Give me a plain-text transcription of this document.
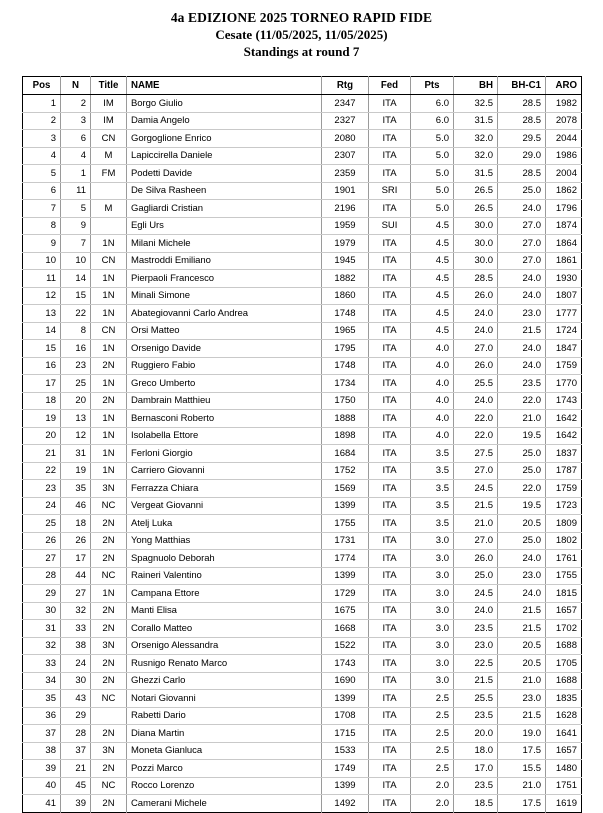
4a EDIZIONE 2025 TORNEO RAPID FIDE
Cesate (11/05/2025, 11/05/2025)
Standings at round 7
Pos	N	Title	NAME	Rtg	Fed	Pts	BH	BH-C1	ARO
1	2	IM	Borgo Giulio	2347	ITA	6.0	32.5	28.5	1982
2	3	IM	Damia Angelo	2327	ITA	6.0	31.5	28.5	2078
3	6	CN	Gorgoglione Enrico	2080	ITA	5.0	32.0	29.5	2044
4	4	M	Lapiccirella Daniele	2307	ITA	5.0	32.0	29.0	1986
5	1	FM	Podetti Davide	2359	ITA	5.0	31.5	28.5	2004
6	11		De Silva Rasheen	1901	SRI	5.0	26.5	25.0	1862
7	5	M	Gagliardi Cristian	2196	ITA	5.0	26.5	24.0	1796
8	9		Egli Urs	1959	SUI	4.5	30.0	27.0	1874
9	7	1N	Milani Michele	1979	ITA	4.5	30.0	27.0	1864
10	10	CN	Mastroddi Emiliano	1945	ITA	4.5	30.0	27.0	1861
11	14	1N	Pierpaoli Francesco	1882	ITA	4.5	28.5	24.0	1930
12	15	1N	Minali Simone	1860	ITA	4.5	26.0	24.0	1807
13	22	1N	Abategiovanni Carlo Andrea	1748	ITA	4.5	24.0	23.0	1777
14	8	CN	Orsi Matteo	1965	ITA	4.5	24.0	21.5	1724
15	16	1N	Orsenigo Davide	1795	ITA	4.0	27.0	24.0	1847
16	23	2N	Ruggiero Fabio	1748	ITA	4.0	26.0	24.0	1759
17	25	1N	Greco Umberto	1734	ITA	4.0	25.5	23.5	1770
18	20	2N	Dambrain Matthieu	1750	ITA	4.0	24.0	22.0	1743
19	13	1N	Bernasconi Roberto	1888	ITA	4.0	22.0	21.0	1642
20	12	1N	Isolabella Ettore	1898	ITA	4.0	22.0	19.5	1642
21	31	1N	Ferloni Giorgio	1684	ITA	3.5	27.5	25.0	1837
22	19	1N	Carriero Giovanni	1752	ITA	3.5	27.0	25.0	1787
23	35	3N	Ferrazza Chiara	1569	ITA	3.5	24.5	22.0	1759
24	46	NC	Vergeat Giovanni	1399	ITA	3.5	21.5	19.5	1723
25	18	2N	Atelj Luka	1755	ITA	3.5	21.0	20.5	1809
26	26	2N	Yong Matthias	1731	ITA	3.0	27.0	25.0	1802
27	17	2N	Spagnuolo Deborah	1774	ITA	3.0	26.0	24.0	1761
28	44	NC	Raineri Valentino	1399	ITA	3.0	25.0	23.0	1755
29	27	1N	Campana Ettore	1729	ITA	3.0	24.5	24.0	1815
30	32	2N	Manti Elisa	1675	ITA	3.0	24.0	21.5	1657
31	33	2N	Corallo Matteo	1668	ITA	3.0	23.5	21.5	1702
32	38	3N	Orsenigo Alessandra	1522	ITA	3.0	23.0	20.5	1688
33	24	2N	Rusnigo Renato Marco	1743	ITA	3.0	22.5	20.5	1705
34	30	2N	Ghezzi Carlo	1690	ITA	3.0	21.5	21.0	1688
35	43	NC	Notari Giovanni	1399	ITA	2.5	25.5	23.0	1835
36	29		Rabetti Dario	1708	ITA	2.5	23.5	21.5	1628
37	28	2N	Diana Martin	1715	ITA	2.5	20.0	19.0	1641
38	37	3N	Moneta Gianluca	1533	ITA	2.5	18.0	17.5	1657
39	21	2N	Pozzi Marco	1749	ITA	2.5	17.0	15.5	1480
40	45	NC	Rocco Lorenzo	1399	ITA	2.0	23.5	21.0	1751
41	39	2N	Camerani Michele	1492	ITA	2.0	18.5	17.5	1619
